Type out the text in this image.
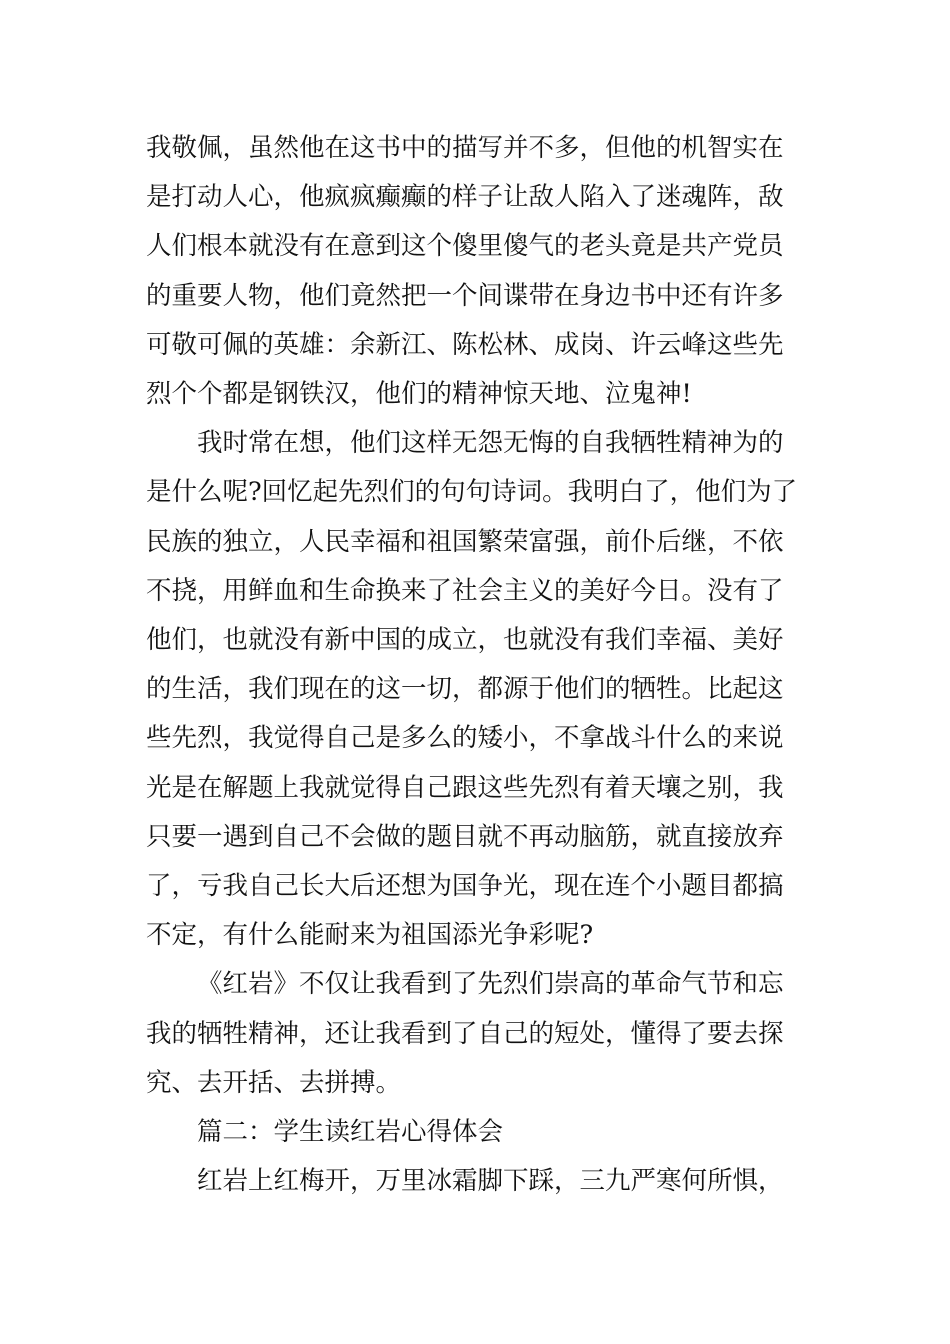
我敬佩，虽然他在这书中的描写并不多，但他的机智实在
是打动人心，他疯疯癫癫的样子让敌人陷入了迷魂阵，敌
人们根本就没有在意到这个傻里傻气的老头竟是共产党员
的重要人物，他们竟然把一个间谍带在身边书中还有许多
可敬可佩的英雄：余新江、陈松林、成岗、许云峰这些先
烈个个都是钢铁汉，他们的精神惊天地、泣鬼神!

我时常在想，他们这样无怨无悔的自我牺牲精神为的
是什么呢?回忆起先烈们的句句诗词。我明白了，他们为了
民族的独立，人民幸福和祖国繁荣富强，前仆后继，不依
不挠，用鲜血和生命换来了社会主义的美好今日。没有了
他们，也就没有新中国的成立，也就没有我们幸福、美好
的生活，我们现在的这一切，都源于他们的牺牲。比起这
些先烈，我觉得自己是多么的矮小，不拿战斗什么的来说
光是在解题上我就觉得自己跟这些先烈有着天壤之别，我
只要一遇到自己不会做的题目就不再动脑筋，就直接放弃
了，亏我自己长大后还想为国争光，现在连个小题目都搞
不定，有什么能耐来为祖国添光争彩呢?

《红岩》不仅让我看到了先烈们崇高的革命气节和忘
我的牺牲精神，还让我看到了自己的短处，懂得了要去探
究、去开括、去拼搏。

篇二：学生读红岩心得体会

红岩上红梅开，万里冰霜脚下踩，三九严寒何所惧，
